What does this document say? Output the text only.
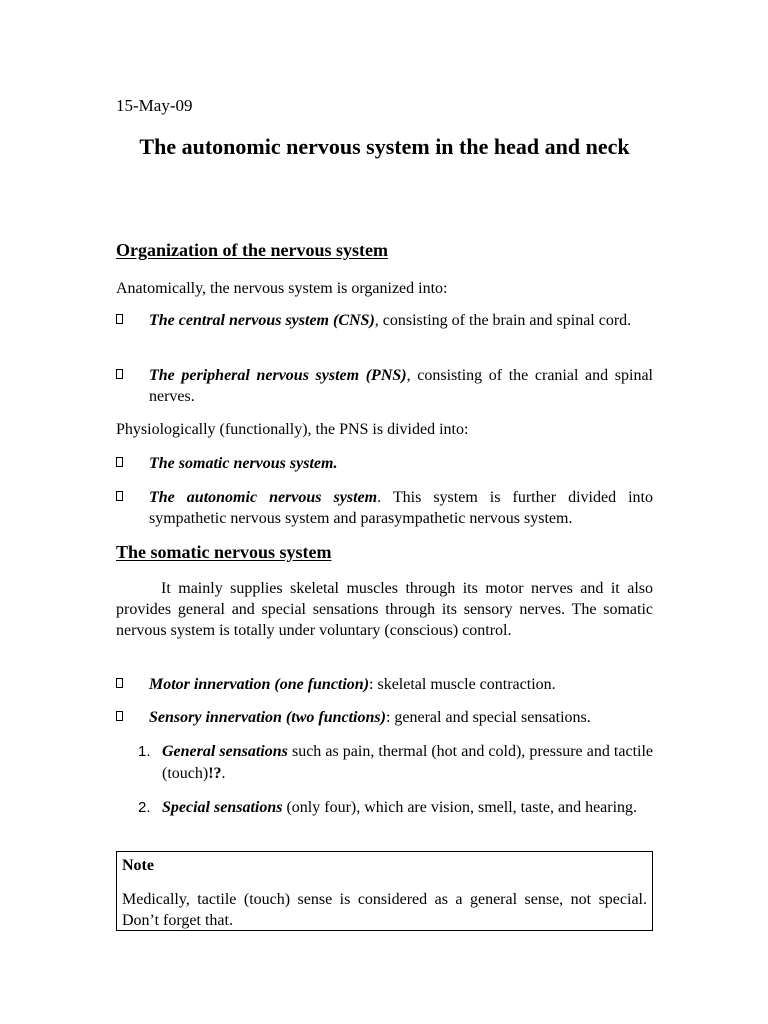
15-May-09
The autonomic nervous system in the head and neck
Organization of the nervous system
Anatomically, the nervous system is organized into:
The central nervous system (CNS), consisting of the brain and spinal cord.
The peripheral nervous system (PNS), consisting of the cranial and spinal nerves.
Physiologically (functionally), the PNS is divided into:
The somatic nervous system.
The autonomic nervous system. This system is further divided into sympathetic nervous system and parasympathetic nervous system.
The somatic nervous system
It mainly supplies skeletal muscles through its motor nerves and it also provides general and special sensations through its sensory nerves. The somatic nervous system is totally under voluntary (conscious) control.
Motor innervation (one function): skeletal muscle contraction.
Sensory innervation (two functions): general and special sensations.
1. General sensations such as pain, thermal (hot and cold), pressure and tactile (touch)!?.
2. Special sensations (only four), which are vision, smell, taste, and hearing.
Note
Medically, tactile (touch) sense is considered as a general sense, not special. Don’t forget that.
